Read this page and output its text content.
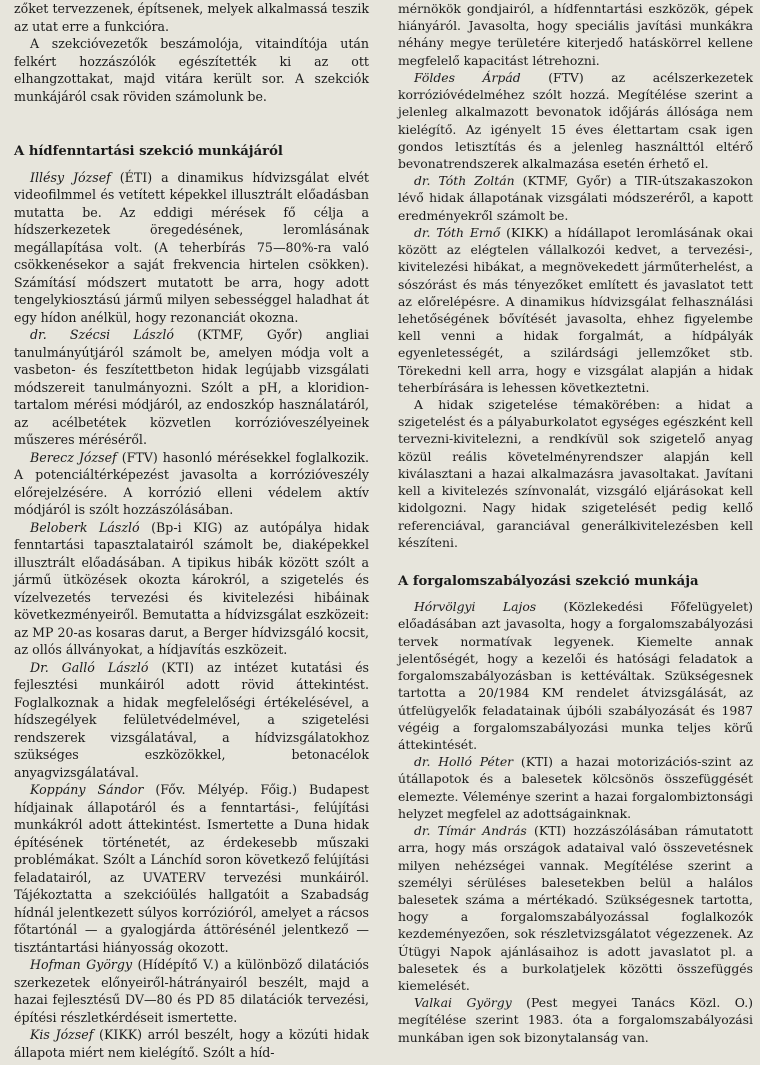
zőket tervezzenek, építsenek, melyek alkalmassá teszik az utat erre a funkcióra.

A szekcióvezetők beszámolója, vitaindítója után felkért hozzászólók egészítették ki az ott elhangzottakat, majd vitára került sor. A szekciók munkájáról csak röviden számolunk be.

A hídfenntartási szekció munkájáról

Illésy József (ÉTI) a dinamikus hídvizsgálat elvét videofilmmel és vetített képekkel illusztrált előadásban mutatta be. Az eddigi mérések fő célja a hídszerkezetek öregedésének, leromlásának megállapítása volt. (A teherbírás 75—80%-ra való csökkenésekor a saját frekvencia hirtelen csökken). Számításí módszert mutatott be arra, hogy adott tengelykiosztású jármű milyen sebességgel haladhat át egy hídon anélkül, hogy rezonanciát okozna.

dr. Szécsi László (KTMF, Győr) angliai tanulmányútjáról számolt be, amelyen módja volt a vasbeton- és feszítettbeton hidak legújabb vizsgálati módszereit tanulmányozni. Szólt a pH, a kloridion-tartalom mérési módjáról, az endoszkóp használatáról, az acélbetétek közvetlen korrózióveszélyeinek műszeres méréséről.

Berecz József (FTV) hasonló mérésekkel foglalkozik. A potenciáltérképezést javasolta a korrózióveszély előrejelzésére. A korrózió elleni védelem aktív módjáról is szólt hozzászólásában.

Beloberk László (Bp-i KIG) az autópálya hidak fenntartási tapasztalatairól számolt be, diaképekkel illusztrált előadásában. A tipikus hibák között szólt a jármű ütközések okozta károkról, a szigetelés és vízelvezetés tervezési és kivitelezési hibáinak következményeiről. Bemutatta a hídvizsgálat eszközeit: az MP 20-as kosaras darut, a Berger hídvizsgáló kocsit, az ollós állványokat, a hídjavítás eszközeit.

Dr. Galló László (KTI) az intézet kutatási és fejlesztési munkáiról adott rövid áttekintést. Foglalkoznak a hidak megfelelőségi értékelésével, a hídszegélyek felületvédelmével, a szigetelési rendszerek vizsgálatával, a hídvizsgálatokhoz szükséges eszközökkel, betonacélok anyagvizsgálatával.

Koppány Sándor (Főv. Mélyép. Főig.) Budapest hídjainak állapotáról és a fenntartási-, felújítási munkákról adott áttekintést. Ismertette a Duna hidak építésének történetét, az érdekesebb műszaki problémákat. Szólt a Lánchíd soron következő felújítási feladatairól, az UVATERV tervezési munkáiról. Tájékoztatta a szekcióülés hallgatóit a Szabadság hídnál jelentkezett súlyos korrózióról, amelyet a rácsos főtartónál — a gyalogjárda áttörésénél jelentkező — tisztántartási hiányosság okozott.

Hofman György (Hídépítő V.) a különböző dilatációs szerkezetek előnyeiről-hátrányairól beszélt, majd a hazai fejlesztésű DV—80 és PD 85 dilatációk tervezési, építési részletkérdéseit ismertette.

Kis József (KIKK) arról beszélt, hogy a közúti hidak állapota miért nem kielégítő. Szólt a híd-

mérnökök gondjairól, a hídfenntartási eszközök, gépek hiányáról. Javasolta, hogy speciális javítási munkákra néhány megye területére kiterjedő hatáskörrel kellene megfelelő kapacitást létrehozni.

Földes Árpád (FTV) az acélszerkezetek korrózióvédelméhez szólt hozzá. Megítélése szerint a jelenleg alkalmazott bevonatok időjárás állósága nem kielégítő. Az igényelt 15 éves élettartam csak igen gondos letisztítás és a jelenleg használttól eltérő bevonatrendszerek alkalmazása esetén érhető el.

dr. Tóth Zoltán (KTMF, Győr) a TIR-útszakaszokon lévő hidak állapotának vizsgálati módszeréről, a kapott eredményekről számolt be.

dr. Tóth Ernő (KIKK) a hídállapot leromlásának okai között az elégtelen vállalkozói kedvet, a tervezési-, kivitelezési hibákat, a megnövekedett járműterhelést, a sószórást és más tényezőket említett és javaslatot tett az előrelépésre. A dinamikus hídvizsgálat felhasználási lehetőségének bővítését javasolta, ehhez figyelembe kell venni a hidak forgalmát, a hídpályák egyenletességét, a szilárdsági jellemzőket stb. Törekedni kell arra, hogy e vizsgálat alapján a hidak teherbírására is lehessen következtetni.

A hidak szigetelése témakörében: a hidat a szigetelést és a pályaburkolatot egységes egészként kell tervezni-kivitelezni, a rendkívül sok szigetelő anyag közül reális követelményrendszer alapján kell kiválasztani a hazai alkalmazásra javasoltakat. Javítani kell a kivitelezés színvonalát, vizsgáló eljárásokat kell kidolgozni. Nagy hidak szigetelését pedig kellő referenciával, garanciával generálkivitelezésben kell készíteni.

A forgalomszabályozási szekció munkája

Hórvölgyi Lajos (Közlekedési Főfelügyelet) előadásában azt javasolta, hogy a forgalomszabályozási tervek normatívak legyenek. Kiemelte annak jelentőségét, hogy a kezelői és hatósági feladatok a forgalomszabályozásban is kettéváltak. Szükségesnek tartotta a 20/1984 KM rendelet átvizsgálását, az útfelügyelők feladatainak újbóli szabályozását és 1987 végéig a forgalomszabályozási munka teljes körű áttekintését.

dr. Holló Péter (KTI) a hazai motorizációs-szint az útállapotok és a balesetek kölcsönös összefüggését elemezte. Véleménye szerint a hazai forgalombiztonsági helyzet megfelel az adottságainknak.

dr. Tímár András (KTI) hozzászólásában rámutatott arra, hogy más országok adataival való összevetésnek milyen nehézségei vannak. Megítélése szerint a személyi sérüléses balesetekben belül a halálos balesetek száma a mértékadó. Szükségesnek tartotta, hogy a forgalomszabályozással foglalkozók kezdeményezően, sok részletvizsgálatot végezzenek. Az Útügyi Napok ajánlásaihoz is adott javaslatot pl. a balesetek és a burkolatjelek közötti összefüggés kiemelését.

Valkai György (Pest megyei Tanács Közl. O.) megítélése szerint 1983. óta a forgalomszabályozási munkában igen sok bizonytalanság van.
